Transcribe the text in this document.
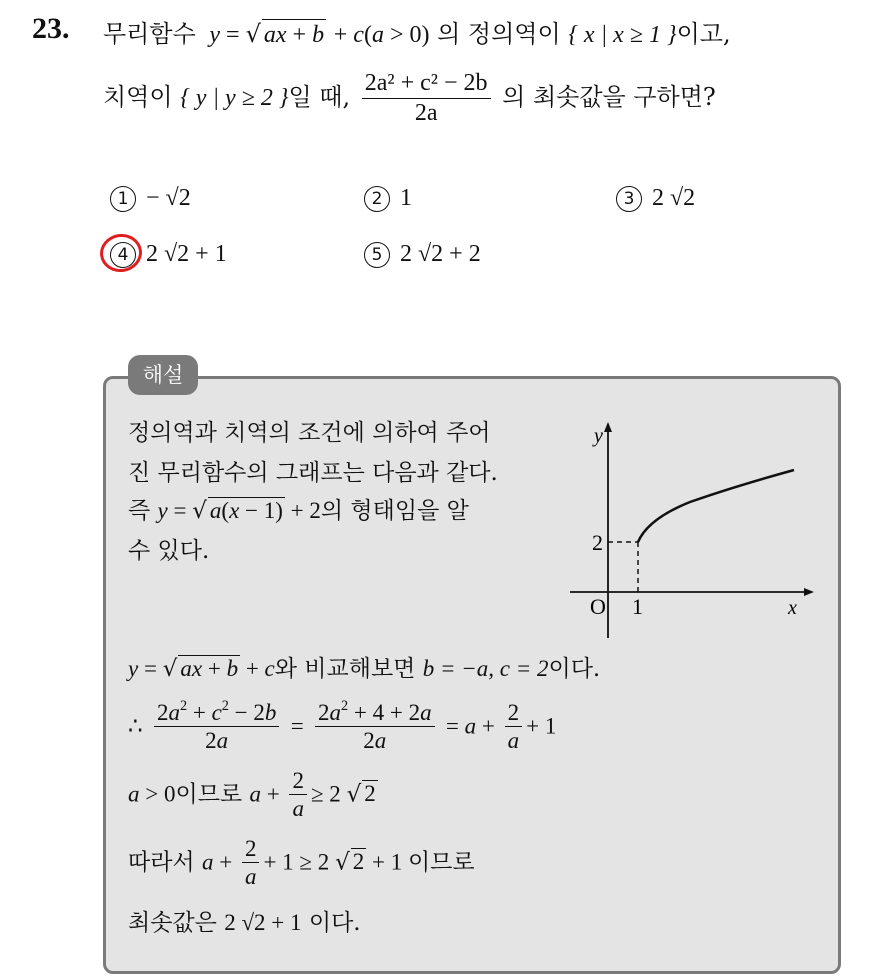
23. 무리함수  y = √ ax + b + c(a > 0) 의 정의역이 { x | x ≥ 1 }이고,
치역이 { y | y ≥ 2 }일 때, $\frac{\text{2a² + c² − 2b}}{2a}$ 의 최솟값을 구하면?
1 − √2	2 1	3 2 √2
4 2 √2 + 1	5 2 √2 + 2
해설
정의역과 치역의 조건에 의하여 주어
진 무리함수의 그래프는 다음과 같다.
즉 y = √ a(x − 1) + 2의 형태임을 알
수 있다.
y
x
O
2
1
y = √ ax + b + c와 비교해보면 b = −a, c = 2이다.
∴ $\frac{2a^2 + c^2 - 2b}{2a} = \frac{2a^2 + 4 + 2a}{2a} = a + \frac{2}{a} + 1$
a > 0이므로 $a + \frac{2}{a} \ge 2$ √ 2
따라서 $a + \frac{2}{a} + 1 \ge 2$ √ 2 + 1 이므로
최솟값은 2 √2 + 1 이다.
